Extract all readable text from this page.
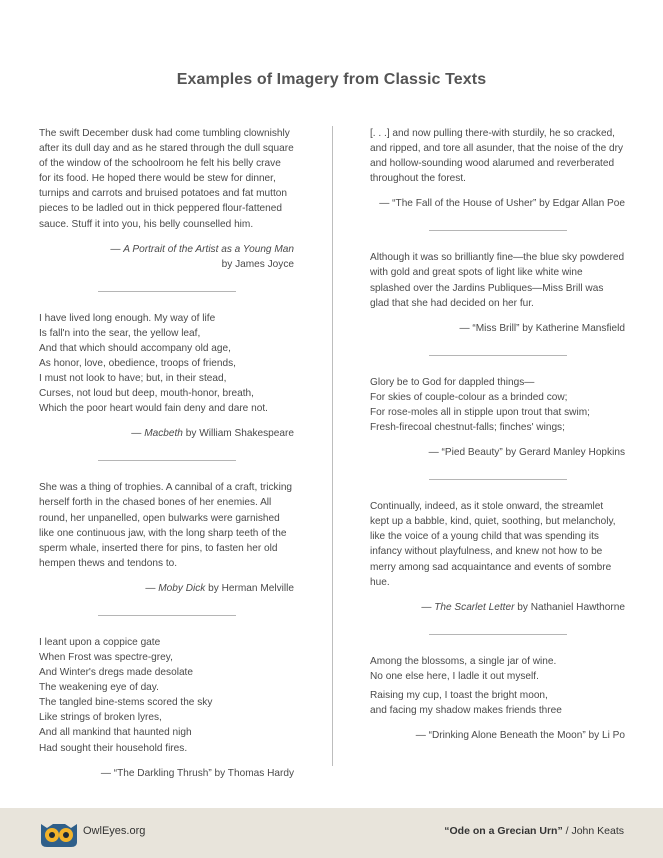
Examples of Imagery from Classic Texts

The swift December dusk had come tumbling clownishly after its dull day and as he stared through the dull square of the window of the schoolroom he felt his belly crave for its food. He hoped there would be stew for dinner, turnips and carrots and bruised potatoes and fat mutton pieces to be ladled out in thick peppered flour-fattened sauce. Stuff it into you, his belly counselled him.

— A Portrait of the Artist as a Young Man
by James Joyce

I have lived long enough. My way of life

Is fall'n into the sear, the yellow leaf,

And that which should accompany old age,

As honor, love, obedience, troops of friends,

I must not look to have; but, in their stead,

Curses, not loud but deep, mouth-honor, breath,

Which the poor heart would fain deny and dare not.

— Macbeth by William Shakespeare

She was a thing of trophies. A cannibal of a craft, tricking herself forth in the chased bones of her enemies. All round, her unpanelled, open bulwarks were garnished like one continuous jaw, with the long sharp teeth of the sperm whale, inserted there for pins, to fasten her old hempen thews and tendons to.

— Moby Dick by Herman Melville

I leant upon a coppice gate

When Frost was spectre-grey,

And Winter's dregs made desolate

The weakening eye of day.

The tangled bine-stems scored the sky

Like strings of broken lyres,

And all mankind that haunted nigh

Had sought their household fires.

— “The Darkling Thrush” by Thomas Hardy

[. . .] and now pulling there-with sturdily, he so cracked, and ripped, and tore all asunder, that the noise of the dry and hollow-sounding wood alarumed and reverberated throughout the forest.

— “The Fall of the House of Usher” by Edgar Allan Poe

Although it was so brilliantly fine—the blue sky powdered with gold and great spots of light like white wine splashed over the Jardins Publiques—Miss Brill was glad that she had decided on her fur.

— “Miss Brill” by Katherine Mansfield

Glory be to God for dappled things—

For skies of couple-colour as a brinded cow;

For rose-moles all in stipple upon trout that swim;

Fresh-firecoal chestnut-falls; finches' wings;

— “Pied Beauty” by Gerard Manley Hopkins

Continually, indeed, as it stole onward, the streamlet kept up a babble, kind, quiet, soothing, but melancholy, like the voice of a young child that was spending its infancy without playfulness, and knew not how to be merry among sad acquaintance and events of sombre hue.

— The Scarlet Letter by Nathaniel Hawthorne

Among the blossoms, a single jar of wine.

No one else here, I ladle it out myself.

Raising my cup, I toast the bright moon,

and facing my shadow makes friends three

— “Drinking Alone Beneath the Moon” by Li Po
OwlEyes.org	“Ode on a Grecian Urn” / John Keats
